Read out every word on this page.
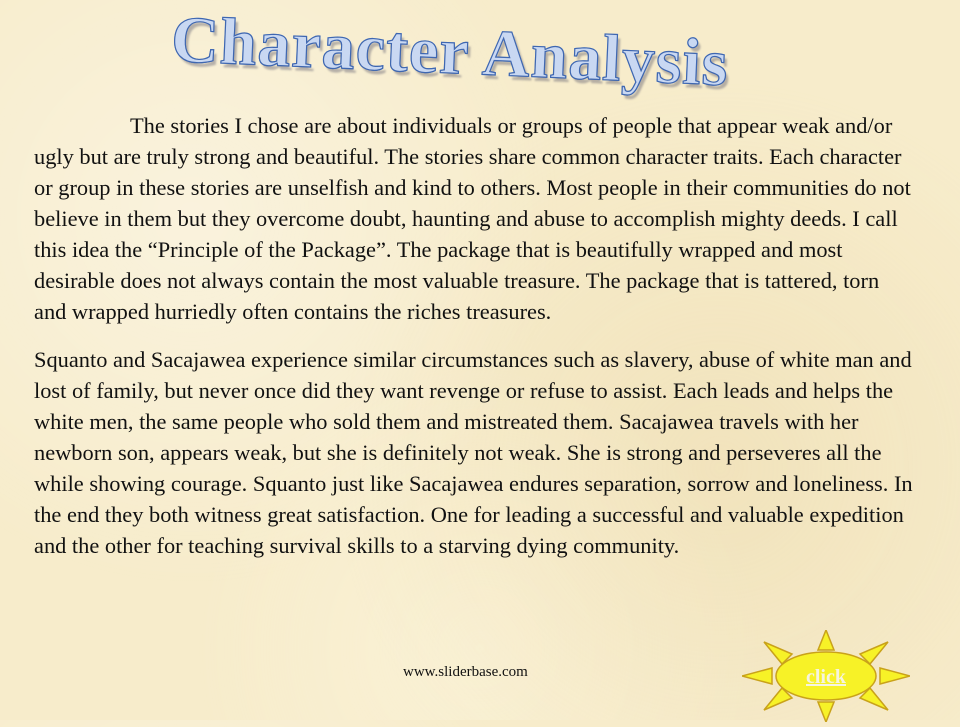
Character Analysis

The stories I chose are about individuals or groups of people that appear weak and/or ugly but are truly strong and beautiful. The stories share common character traits. Each character or group in these stories are unselfish and kind to others. Most people in their communities do not believe in them but they overcome doubt, haunting and abuse to accomplish mighty deeds. I call this idea the “Principle of the Package”. The package that is beautifully wrapped and most desirable does not always contain the most valuable treasure. The package that is tattered, torn and wrapped hurriedly often contains the riches treasures.

Squanto and Sacajawea experience similar circumstances such as slavery, abuse of white man and lost of family, but never once did they want revenge or refuse to assist. Each leads and helps the white men, the same people who sold them and mistreated them. Sacajawea travels with her newborn son, appears weak, but she is definitely not weak. She is strong and perseveres all the while showing courage. Squanto just like Sacajawea endures separation, sorrow and loneliness. In the end they both witness great satisfaction. One for leading a successful and valuable expedition and the other for teaching survival skills to a starving dying community.

www.sliderbase.com	click
